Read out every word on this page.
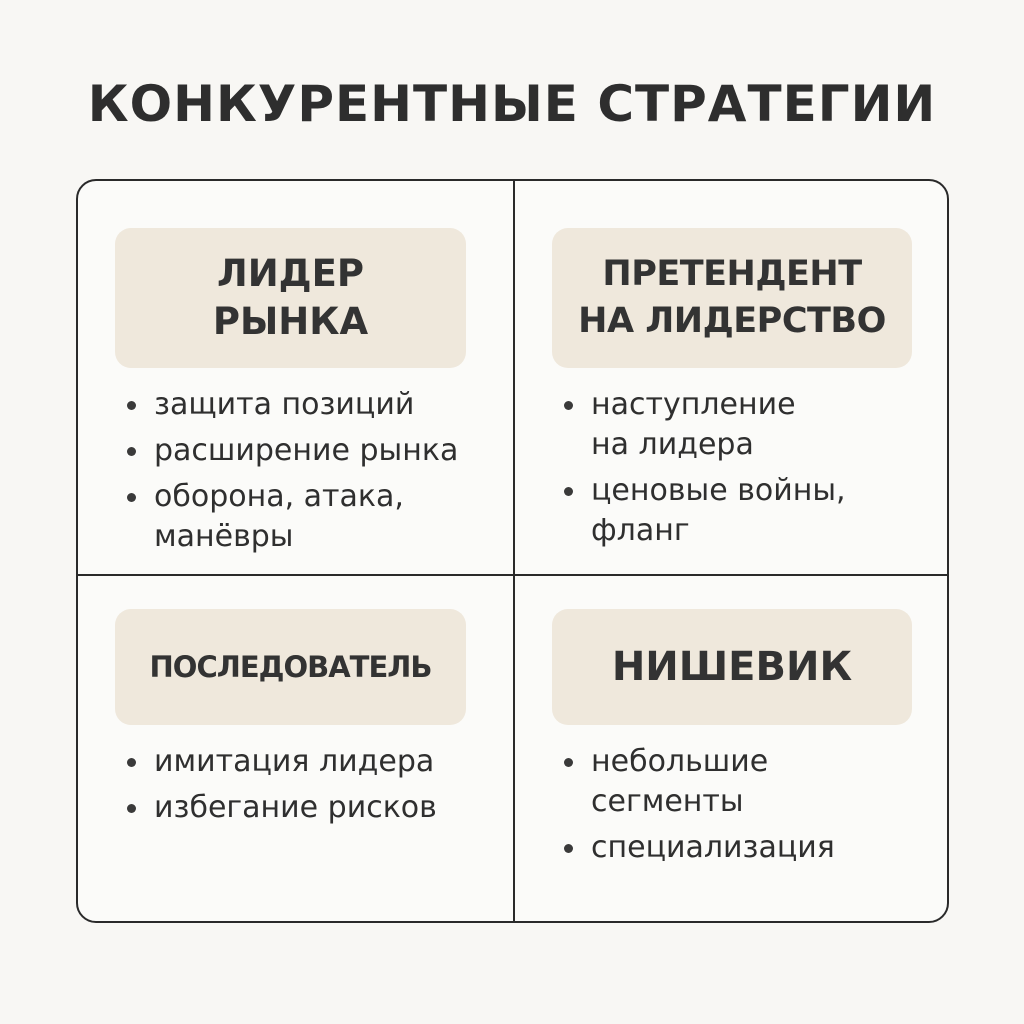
КОНКУРЕНТНЫЕ СТРАТЕГИИ
ЛИДЕР
РЫНКА
защита позиций
расширение рынка
оборона, атака, манёвры
ПРЕТЕНДЕНТ
НА ЛИДЕРСТВО
наступление на лидера
ценовые войны, фланг
ПОСЛЕДОВАТЕЛЬ
имитация лидера
избегание рисков
НИШЕВИК
небольшие сегменты
специализация
